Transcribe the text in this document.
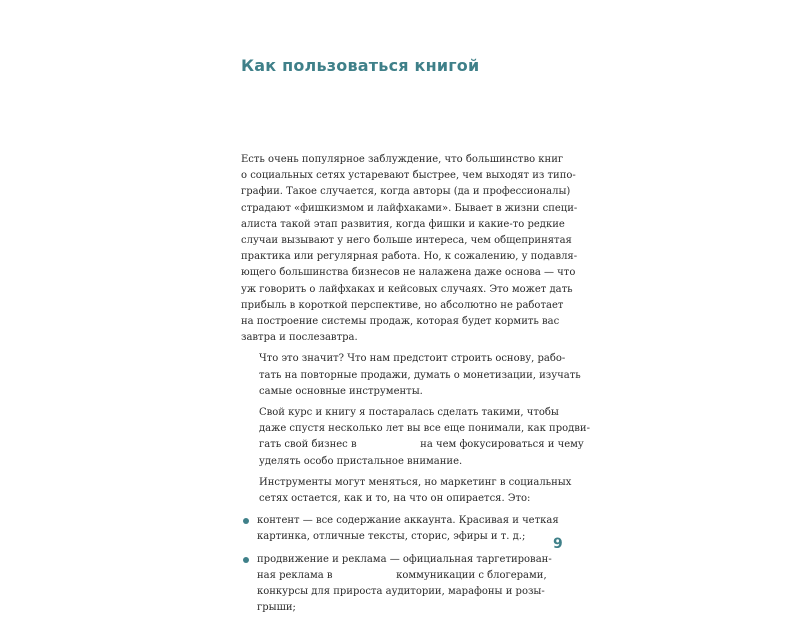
Как пользоваться книгой

Есть очень популярное заблуждение, что большинство книг
о социальных сетях устаревают быстрее, чем выходят из типо-
графии. Такое случается, когда авторы (да и профессионалы)
страдают «фишкизмом и лайфхаками». Бывает в жизни специ-
алиста такой этап развития, когда фишки и какие-то редкие
случаи вызывают у него больше интереса, чем общепринятая
практика или регулярная работа. Но, к сожалению, у подавля-
ющего большинства бизнесов не налажена даже основа — что
уж говорить о лайфхаках и кейсовых случаях. Это может дать
прибыль в короткой перспективе, но абсолютно не работает
на построение системы продаж, которая будет кормить вас
завтра и послезавтра.

Что это значит? Что нам предстоит строить основу, рабо-
тать на повторные продажи, думать о монетизации, изучать
самые основные инструменты.

Свой курс и книгу я постаралась сделать такими, чтобы
даже спустя несколько лет вы все еще понимали, как продви-
гать свой бизнес в                    на чем фокусироваться и чему
уделять особо пристальное внимание.

Инструменты могут меняться, но маркетинг в социальных
сетях остается, как и то, на что он опирается. Это:

контент — все содержание аккаунта. Красивая и четкая
картинка, отличные тексты, сторис, эфиры и т. д.;
продвижение и реклама — официальная таргетирован-
ная реклама в                    коммуникации с блогерами,
конкурсы для прироста аудитории, марафоны и розы-
грыши;
9
